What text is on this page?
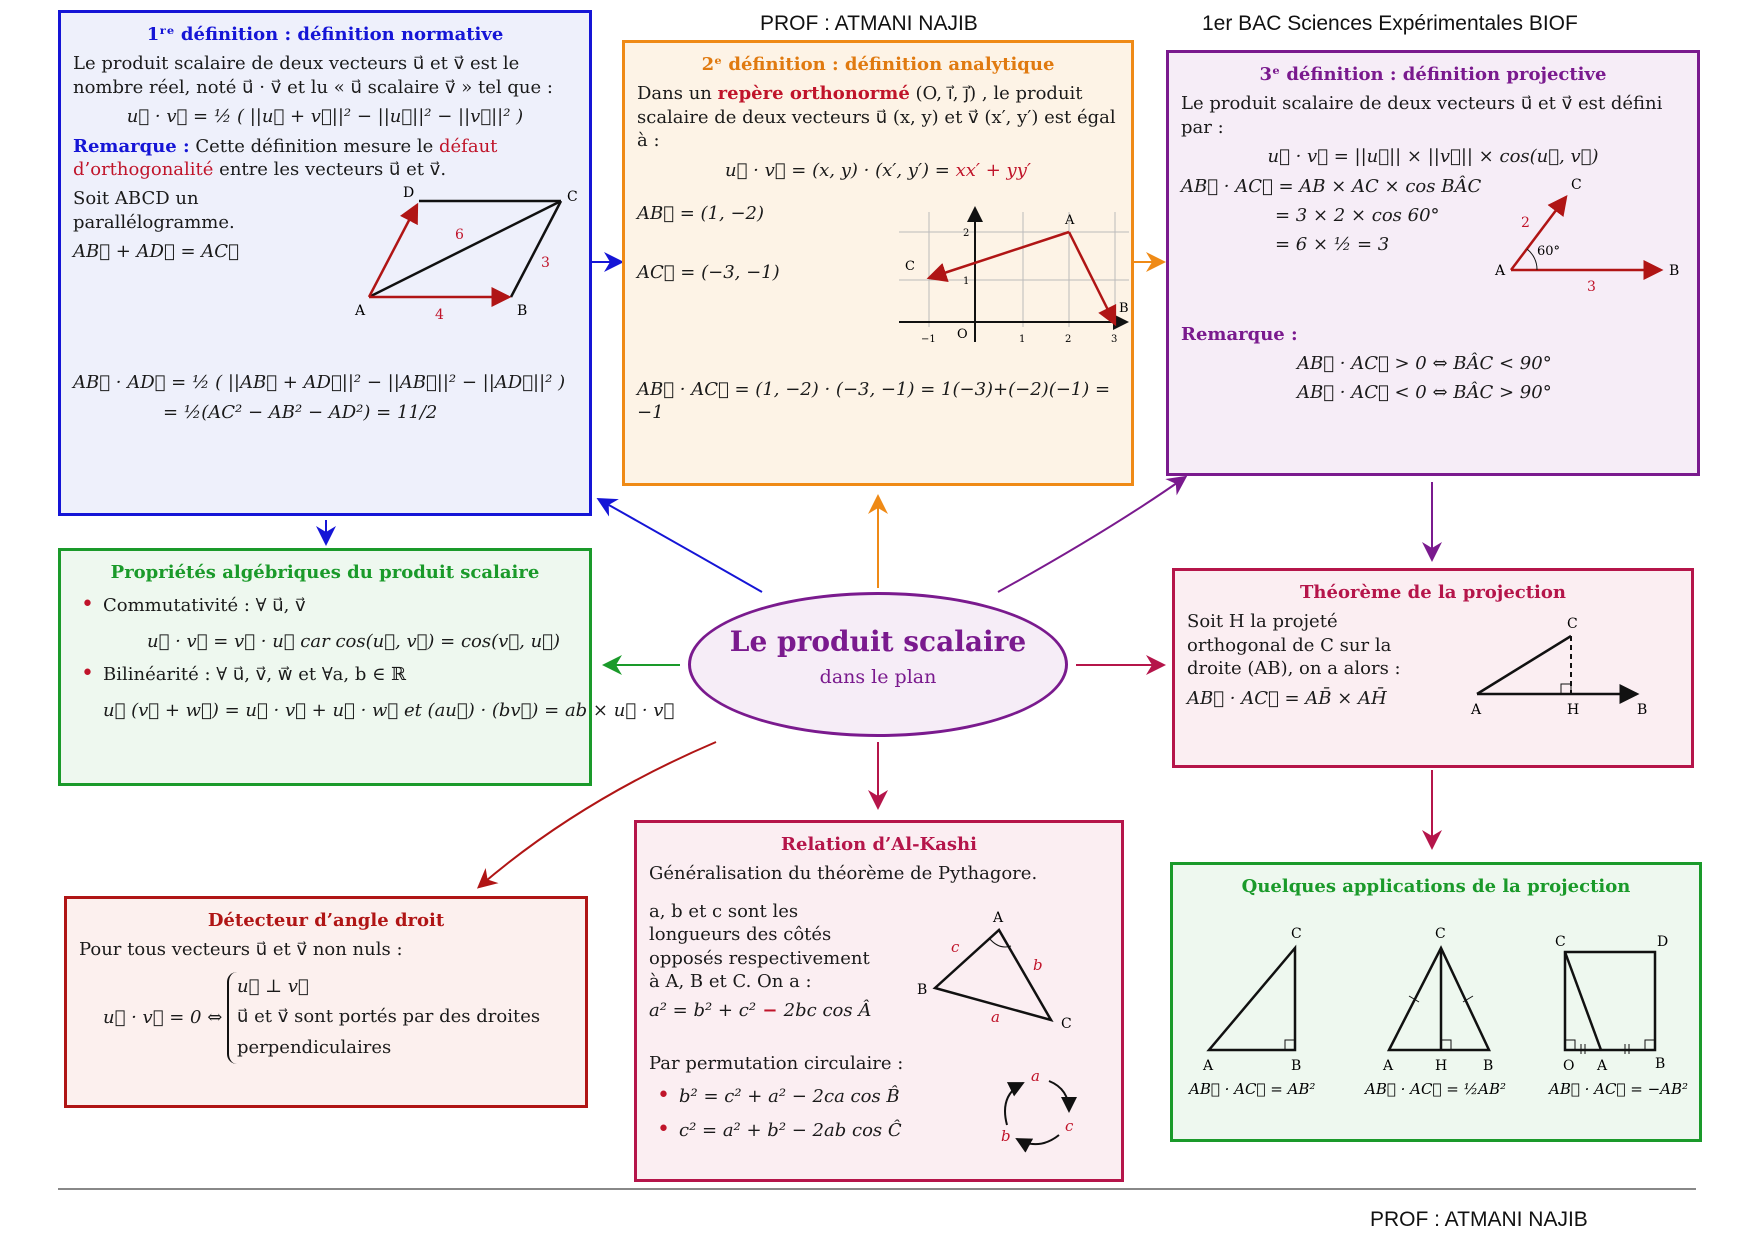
PROF : ATMANI NAJIB	1er BAC Sciences Expérimentales BIOF
1ʳᵉ définition : définition normative

Le produit scalaire de deux vecteurs u⃗ et v⃗ est le nombre réel, noté u⃗ · v⃗ et lu « u⃗ scalaire v⃗ » tel que :

u⃗ · v⃗ = ½ ( ||u⃗ + v⃗||² − ||u⃗||² − ||v⃗||² )

Remarque : Cette définition mesure le défaut d’orthogonalité entre les vecteurs u⃗ et v⃗.

Soit ABCD un parallélogramme.
AB⃗ + AD⃗ = AC⃗
A	B
C
D
6
3
4
AB⃗ · AD⃗ = ½ ( ||AB⃗ + AD⃗||² − ||AB⃗||² − ||AD⃗||² )
= ½(AC² − AB² − AD²) = 11/2
2ᵉ définition : définition analytique

Dans un repère orthonormé (O, i⃗, j⃗) , le produit scalaire de deux vecteurs u⃗ (x, y) et v⃗ (x′, y′) est égal à :

u⃗ · v⃗ = (x, y) · (x′, y′) = xx′ + yy′
AB⃗ = (1, −2)
AC⃗ = (−3, −1)
A
B
C
O	1	2	3
−1
1
2
AB⃗ · AC⃗ = (1, −2) · (−3, −1) = 1(−3)+(−2)(−1) = −1
3ᵉ définition : définition projective

Le produit scalaire de deux vecteurs u⃗ et v⃗ est défini par :

u⃗ · v⃗ = ||u⃗|| × ||v⃗|| × cos(u⃗, v⃗)
AB⃗ · AC⃗ = AB × AC × cos BÂC
= 3 × 2 × cos 60°
= 6 × ½ = 3
A	B
C
2
3
60°

Remarque :

AB⃗ · AC⃗ > 0 ⇔ BÂC < 90°
AB⃗ · AC⃗ < 0 ⇔ BÂC > 90°
Le produit scalaire
dans le plan
Propriétés algébriques du produit scalaire
• Commutativité : ∀ u⃗, v⃗
u⃗ · v⃗ = v⃗ · u⃗ car cos(u⃗, v⃗) = cos(v⃗, u⃗)
• Bilinéarité : ∀ u⃗, v⃗, w⃗ et ∀a, b ∈ ℝ
u⃗ (v⃗ + w⃗) = u⃗ · v⃗ + u⃗ · w⃗ et (au⃗) · (bv⃗) = ab × u⃗ · v⃗
Théorème de la projection

Soit H la projeté orthogonal de C sur la droite (AB), on a alors :

AB⃗ · AC⃗ = AB̄ × AH̄
A	H	B
C
Relation d’Al-Kashi

Généralisation du théorème de Pythagore.

a, b et c sont les longueurs des côtés opposés respectivement à A, B et C. On a :

a² = b² + c² − 2bc cos Â
A
B
C
c
b
a

Par permutation circulaire :

• b² = c² + a² − 2ca cos B̂
• c² = a² + b² − 2ab cos Ĉ
a
c
b
Détecteur d’angle droit

Pour tous vecteurs u⃗ et v⃗ non nuls :

u⃗ · v⃗ = 0 ⇔
u⃗ ⊥ v⃗
u⃗ et v⃗ sont portés par des droites
perpendiculaires
Quelques applications de la projection
A	B
C
AB⃗ · AC⃗ = AB²
A	H	B
C
AB⃗ · AC⃗ = ½AB²
C	D
O A	B
AB⃗ · AC⃗ = −AB²
PROF : ATMANI NAJIB
